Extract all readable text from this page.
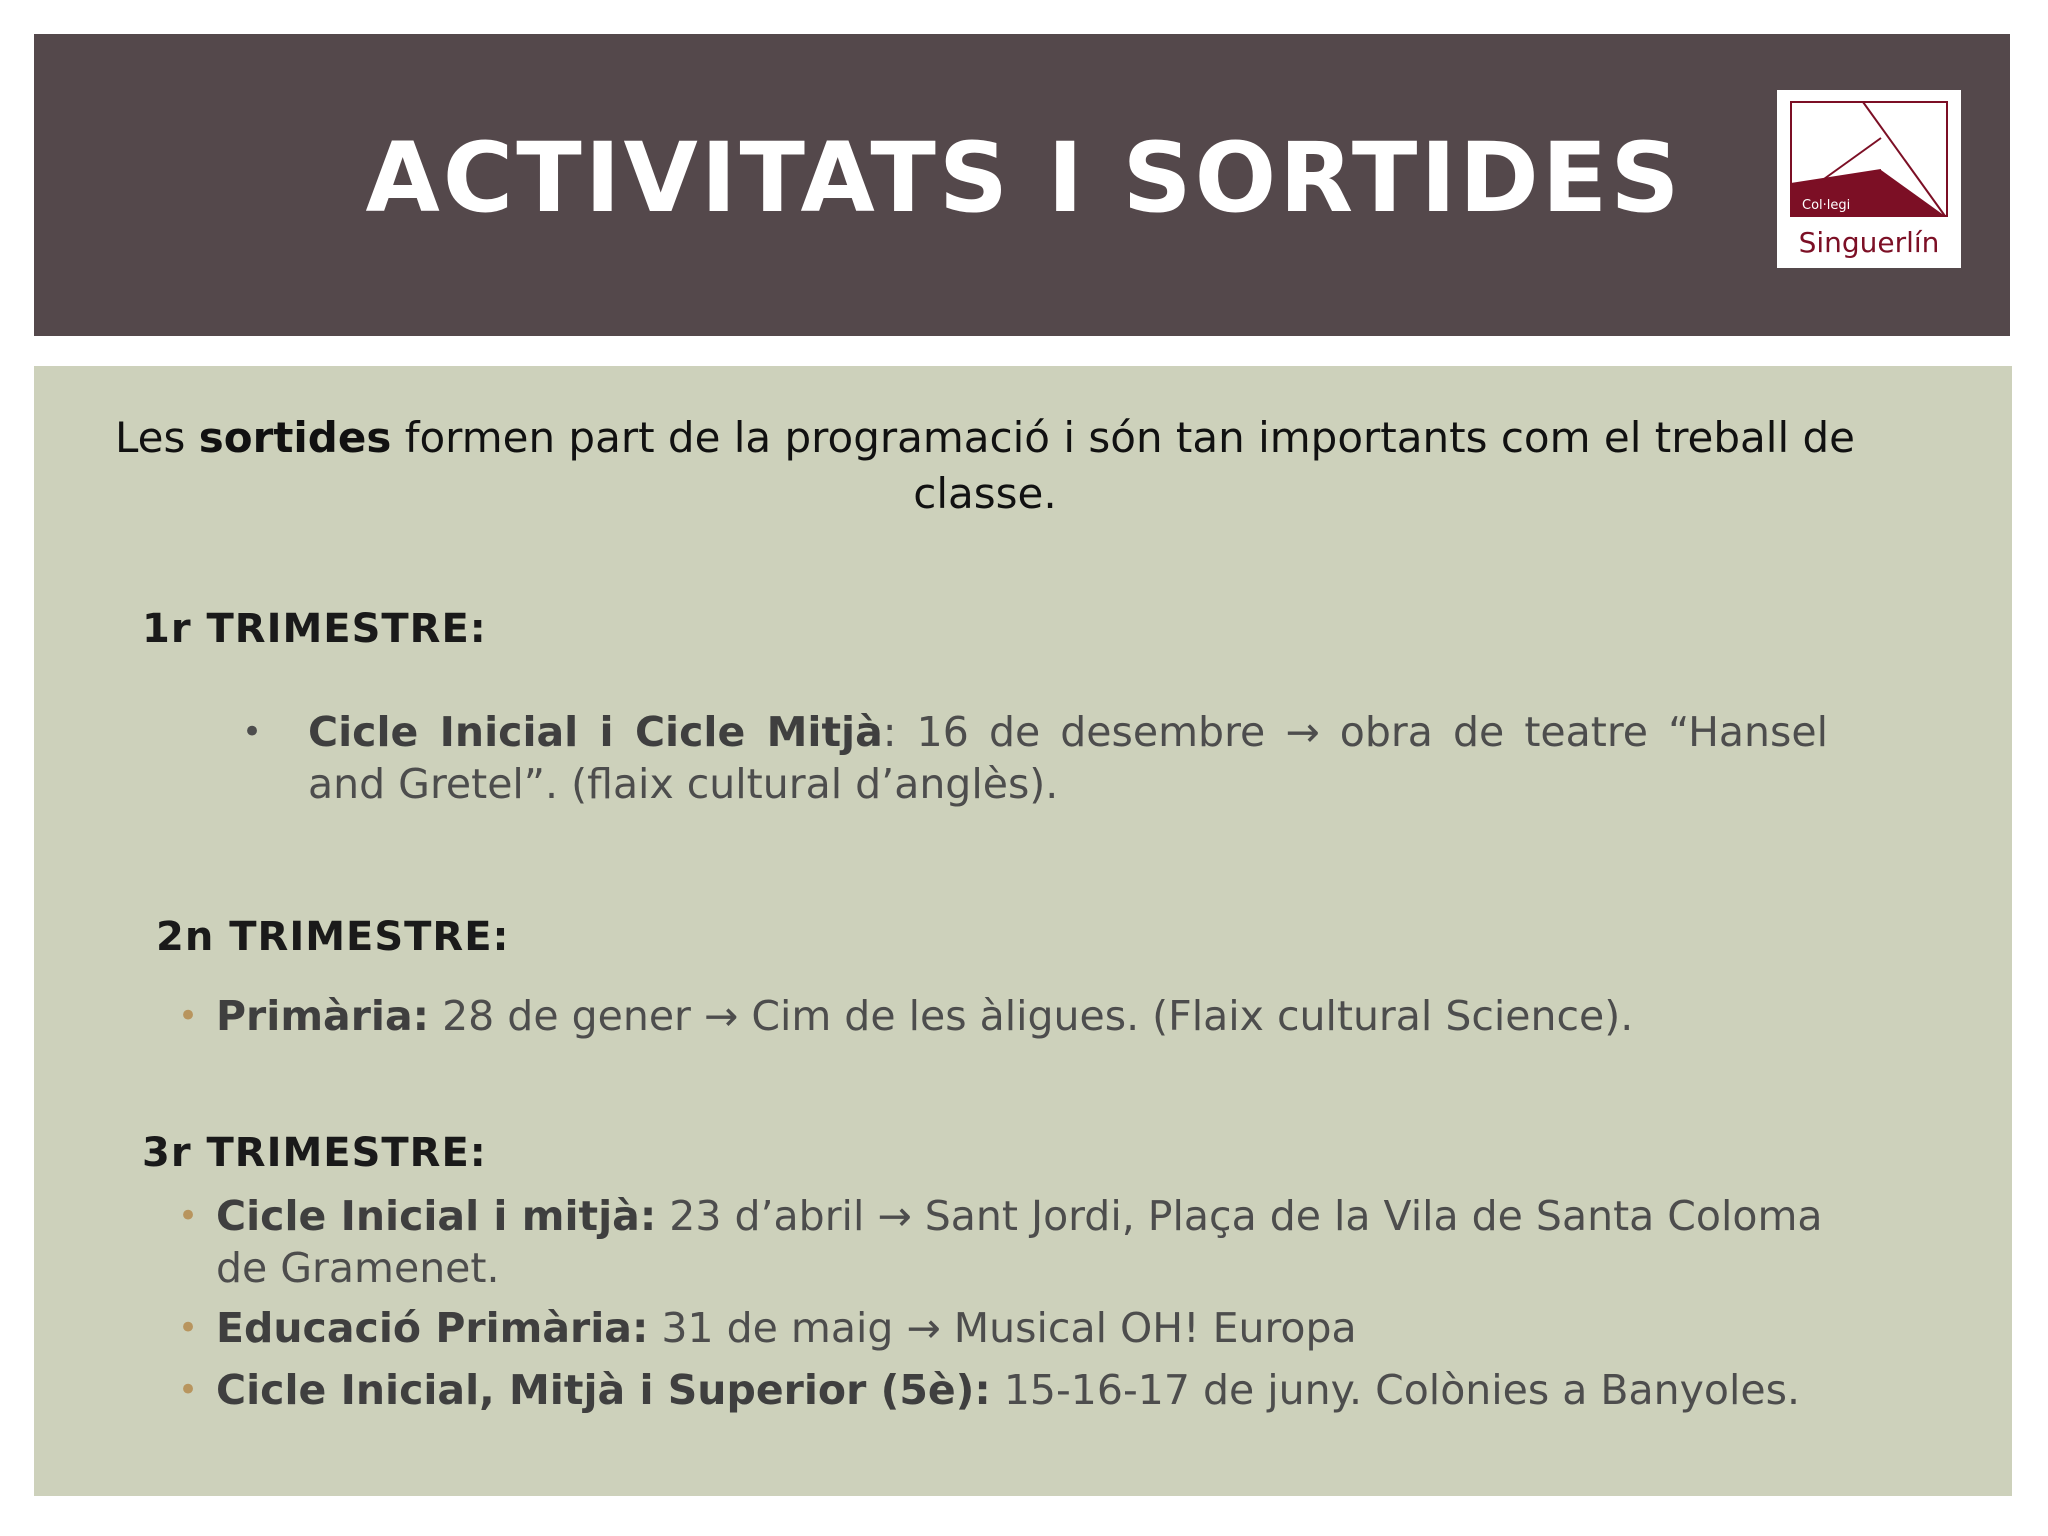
ACTIVITATS I SORTIDES	Col·legi
Singuerlín
Les sortides formen part de la programació i són tan importants com el treball de classe.
1r TRIMESTRE:
• Cicle Inicial i Cicle Mitjà: 16 de desembre → obra de teatre “Hansel and Gretel”. (flaix cultural d’anglès).
2n TRIMESTRE:
• Primària: 28 de gener → Cim de les àligues. (Flaix cultural Science).
3r TRIMESTRE:
• Cicle Inicial i mitjà: 23 d’abril → Sant Jordi, Plaça de la Vila de Santa Coloma de Gramenet.
• Educació Primària: 31 de maig → Musical OH! Europa
• Cicle Inicial, Mitjà i Superior (5è): 15-16-17 de juny. Colònies a Banyoles.
